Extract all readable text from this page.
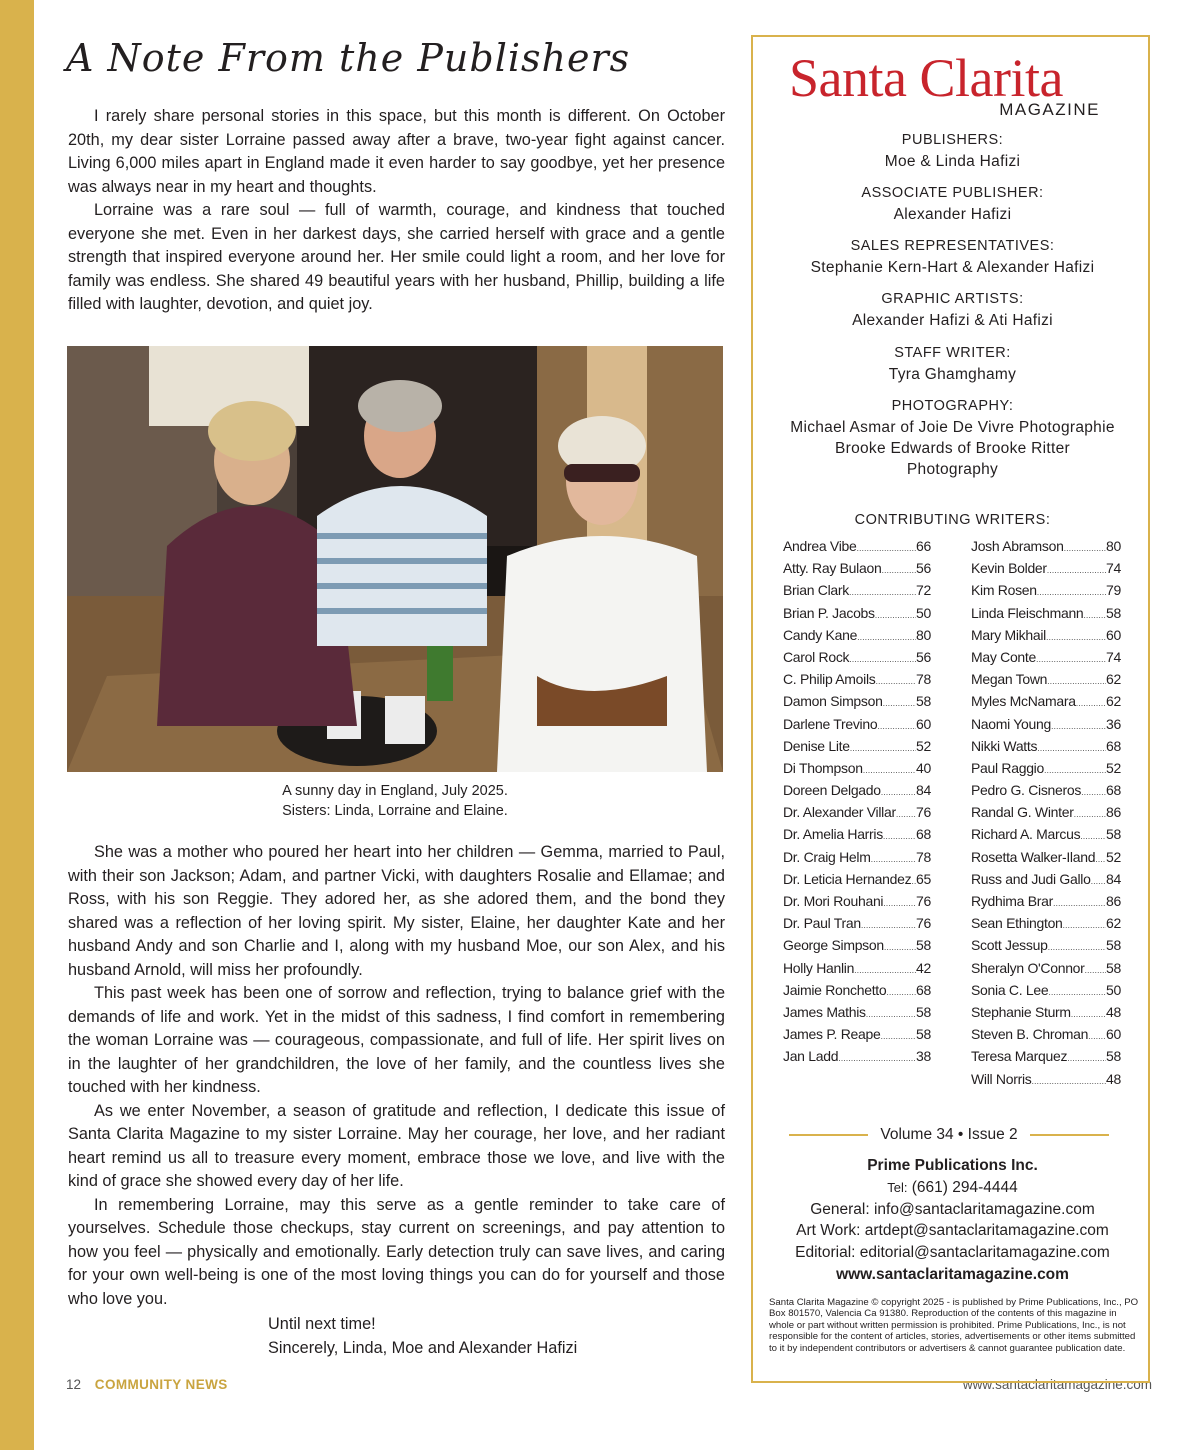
A Note From the Publishers

I rarely share personal stories in this space, but this month is different. On October 20th, my dear sister Lorraine passed away after a brave, two-year fight against cancer. Living 6,000 miles apart in England made it even harder to say goodbye, yet her presence was always near in my heart and thoughts.

Lorraine was a rare soul — full of warmth, courage, and kindness that touched everyone she met. Even in her darkest days, she carried herself with grace and a gentle strength that inspired everyone around her. Her smile could light a room, and her love for family was endless. She shared 49 beautiful years with her husband, Phillip, building a life filled with laughter, devotion, and quiet joy.

A sunny day in England, July 2025.
Sisters: Linda, Lorraine and Elaine.

She was a mother who poured her heart into her children — Gemma, married to Paul, with their son Jackson; Adam, and partner Vicki, with daughters Rosalie and Ellamae; and Ross, with his son Reggie. They adored her, as she adored them, and the bond they shared was a reflection of her loving spirit. My sister, Elaine, her daughter Kate and her husband Andy and son Charlie and I, along with my husband Moe, our son Alex, and his husband Arnold, will miss her profoundly.

This past week has been one of sorrow and reflection, trying to balance grief with the demands of life and work. Yet in the midst of this sadness, I find comfort in remembering the woman Lorraine was — courageous, compassionate, and full of life. Her spirit lives on in the laughter of her grandchildren, the love of her family, and the countless lives she touched with her kindness.

As we enter November, a season of gratitude and reflection, I dedicate this issue of Santa Clarita Magazine to my sister Lorraine. May her courage, her love, and her radiant heart remind us all to treasure every moment, embrace those we love, and live with the kind of grace she showed every day of her life.

In remembering Lorraine, may this serve as a gentle reminder to take care of yourselves. Schedule those checkups, stay current on screenings, and pay attention to how you feel — physically and emotionally. Early detection truly can save lives, and caring for your own well-being is one of the most loving things you can do for yourself and those who love you.

Until next time!
Sincerely, Linda, Moe and Alexander Hafizi
12 COMMUNITY NEWS	www.santaclaritamagazine.com
Santa Clarita
MAGAZINE
PUBLISHERS:
Moe & Linda Hafizi
ASSOCIATE PUBLISHER:
Alexander Hafizi
SALES REPRESENTATIVES:
Stephanie Kern-Hart & Alexander Hafizi
GRAPHIC ARTISTS:
Alexander Hafizi & Ati Hafizi
STAFF WRITER:
Tyra Ghamghamy
PHOTOGRAPHY:
Michael Asmar of Joie De Vivre Photographie
Brooke Edwards of Brooke Ritter
Photography
CONTRIBUTING WRITERS:
Andrea Vibe .....	66
Atty. Ray Bulaon ..... 56
Brian Clark .....	72
Brian P. Jacobs .....	50
Candy Kane .....	80
Carol Rock .....	56
C. Philip Amoils .....	78
Damon Simpson ..... 58
Darlene Trevino .....	60
Denise Lite .....	52
Di Thompson .....	40
Doreen Delgado .....	84
Dr. Alexander Villar ..... 76
Dr. Amelia Harris ..... 68
Dr. Craig Helm .....	78
Dr. Leticia Hernandez ..... 65
Dr. Mori Rouhani ..... 76
Dr. Paul Tran .....	76
George Simpson ..... 58
Holly Hanlin .....	42
Jaimie Ronchetto ..... 68
James Mathis .....	58
James P. Reape .....	58
Jan Ladd .....	38
Josh Abramson .....	80
Kevin Bolder .....	74
Kim Rosen .....	79
Linda Fleischmann ..... 58
Mary Mikhail .....	60
May Conte .....	74
Megan Town .....	62
Myles McNamara ..... 62
Naomi Young .....	36
Nikki Watts .....	68
Paul Raggio .....	52
Pedro G. Cisneros ..... 68
Randal G. Winter ..... 86
Richard A. Marcus ..... 58
Rosetta Walker-Iland ..... 52
Russ and Judi Gallo ..... 84
Rydhima Brar .....	86
Sean Ethington .....	62
Scott Jessup .....	58
Sheralyn O'Connor ..... 58
Sonia C. Lee .....	50
Stephanie Sturm .....	48
Steven B. Chroman ..... 60
Teresa Marquez .....	58
Will Norris .....	48
Volume 34 • Issue 2
Prime Publications Inc.
Tel: (661) 294-4444
General: info@santaclaritamagazine.com
Art Work: artdept@santaclaritamagazine.com
Editorial: editorial@santaclaritamagazine.com
www.santaclaritamagazine.com
Santa Clarita Magazine © copyright 2025 - is published by Prime Publications, Inc., PO Box 801570, Valencia Ca 91380. Reproduction of the contents of this magazine in whole or part without written permission is prohibited. Prime Publications, Inc., is not responsible for the content of articles, stories, advertisements or other items submitted to it by independent contributors or advertisers & cannot guarantee publication date.
